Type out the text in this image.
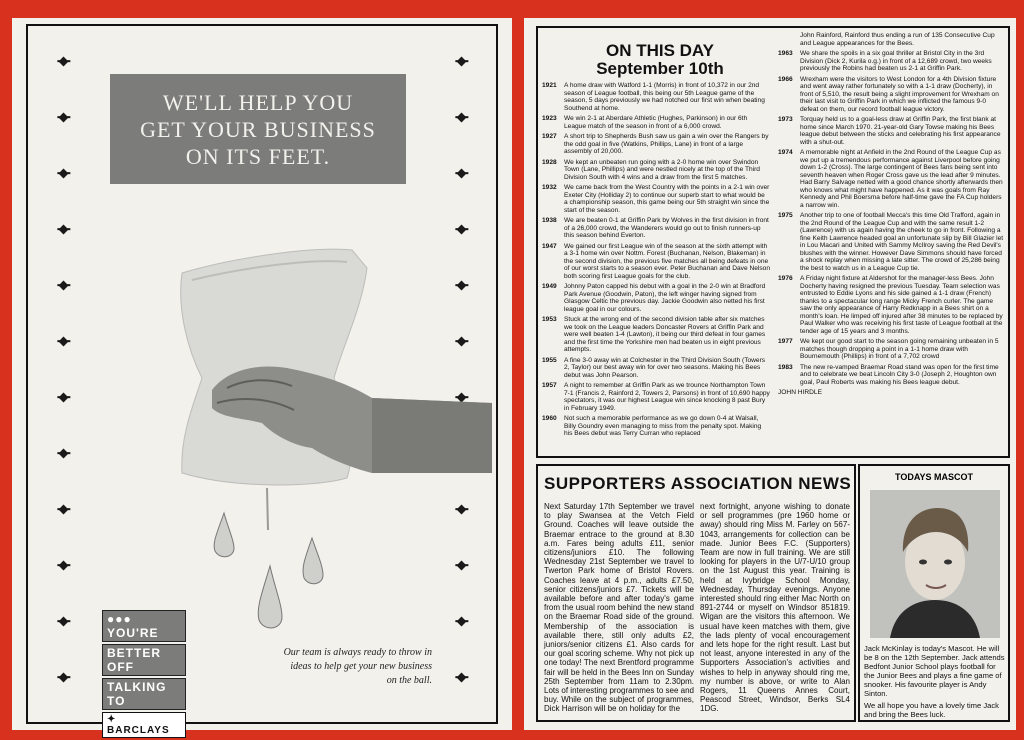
WE'LL HELP YOU
GET YOUR BUSINESS
ON ITS FEET.
●●● YOU'RE
BETTER OFF
TALKING TO
✦ BARCLAYS
Our team is always ready to throw in ideas to help get your new business on the ball.
ON THIS DAY
September 10th
1921	A home draw with Watford 1-1 (Morris) in front of 10,372 in our 2nd season of League football, this being our 5th League game of the season, 5 days previously we had notched our first win when beating Southend at home.
1923	We win 2-1 at Aberdare Athletic (Hughes, Parkinson) in our 6th League match of the season in front of a 6,000 crowd.
1927	A short trip to Shepherds Bush saw us gain a win over the Rangers by the odd goal in five (Watkins, Phillips, Lane) in front of a large assembly of 20,000.
1928	We kept an unbeaten run going with a 2-0 home win over Swindon Town (Lane, Phillips) and were nestled nicely at the top of the Third Division South with 4 wins and a draw from the first 5 matches.
1932	We came back from the West Country with the points in a 2-1 win over Exeter City (Holliday 2) to continue our superb start to what would be a championship season, this game being our 5th straight win since the start of the season.
1938	We are beaten 0-1 at Griffin Park by Wolves in the first division in front of a 26,000 crowd, the Wanderers would go out to finish runners-up this season behind Everton.
1947	We gained our first League win of the season at the sixth attempt with a 3-1 home win over Nottm. Forest (Buchanan, Nelson, Blakeman) in the second division, the previous five matches all being defeats in one of our worst starts to a season ever. Peter Buchanan and Dave Nelson both scoring first League goals for the club.
1949	Johnny Paton capped his debut with a goal in the 2-0 win at Bradford Park Avenue (Goodwin, Paton), the left winger having signed from Glasgow Celtic the previous day. Jackie Goodwin also netted his first league goal in our colours.
1953	Stuck at the wrong end of the second division table after six matches we took on the League leaders Doncaster Rovers at Griffin Park and were well beaten 1-4 (Lawton), it being our third defeat in four games and the first time the Yorkshire men had beaten us in eight previous attempts.
1955	A fine 3-0 away win at Colchester in the Third Division South (Towers 2, Taylor) our best away win for over two seasons. Making his Bees debut was John Pearson.
1957	A night to remember at Griffin Park as we trounce Northampton Town 7-1 (Francis 2, Rainford 2, Towers 2, Parsons) in front of 10,690 happy spectators, it was our highest League win since knocking 8 past Bury in February 1949.
1960	Not such a memorable performance as we go down 0-4 at Walsall, Billy Goundry even managing to miss from the penalty spot. Making his Bees debut was Terry Curran who replaced
John Rainford, Rainford thus ending a run of 135 Consecutive Cup and League appearances for the Bees.
1963	We share the spoils in a six goal thriller at Bristol City in the 3rd Division (Dick 2, Kurila o.g.) in front of a 12,689 crowd, two weeks previously the Robins had beaten us 2-1 at Griffin Park.
1966	Wrexham were the visitors to West London for a 4th Division fixture and went away rather fortunately so with a 1-1 draw (Docherty), in front of 5,510, the result being a slight improvement for Wrexham on their last visit to Griffin Park in which we inflicted the famous 9-0 defeat on them, our record football league victory.
1973	Torquay held us to a goal-less draw at Griffin Park, the first blank at home since March 1970. 21-year-old Gary Towse making his Bees league debut between the sticks and celebrating his first appearance with a shut-out.
1974	A memorable night at Anfield in the 2nd Round of the League Cup as we put up a tremendous performance against Liverpool before going down 1-2 (Cross). The large contingent of Bees fans being sent into seventh heaven when Roger Cross gave us the lead after 9 minutes. Had Barry Salvage netted with a good chance shortly afterwards then who knows what might have happened. As it was goals from Ray Kennedy and Phil Boersma before half-time gave the FA Cup holders a narrow win.
1975	Another trip to one of football Mecca's this time Old Trafford, again in the 2nd Round of the League Cup and with the same result 1-2 (Lawrence) with us again having the cheek to go in front. Following a fine Keith Lawrence headed goal an unfortunate slip by Bill Glazier let in Lou Macari and United with Sammy McIlroy saving the Red Devil's blushes with the winner. However Dave Simmons should have forced a shock replay when missing a late sitter. The crowd of 25,286 being the best to watch us in a League Cup tie.
1976	A Friday night fixture at Aldershot for the manager-less Bees. John Docherty having resigned the previous Tuesday. Team selection was entrusted to Eddie Lyons and his side gained a 1-1 draw (French) thanks to a spectacular long range Micky French curler. The game saw the only appearance of Harry Redknapp in a Bees shirt on a month's loan. He limped off injured after 38 minutes to be replaced by Paul Walker who was receiving his first taste of League football at the tender age of 15 years and 3 months.
1977	We kept our good start to the season going remaining unbeaten in 5 matches though dropping a point in a 1-1 home draw with Bournemouth (Phillips) in front of a 7,702 crowd
1983	The new re-vamped Braemar Road stand was open for the first time and to celebrate we beat Lincoln City 3-0 (Joseph 2, Houghton own goal, Paul Roberts was making his Bees league debut.
JOHN HIRDLE
SUPPORTERS ASSOCIATION NEWS
Next Saturday 17th September we travel to play Swansea at the Vetch Field Ground. Coaches will leave outside the Braemar entrace to the ground at 8.30 a.m. Fares being adults £11, senior citizens/juniors £10. The following Wednesday 21st September we travel to Twerton Park home of Bristol Rovers. Coaches leave at 4 p.m., adults £7.50, senior citizens/juniors £7. Tickets will be available before and after today's game from the usual room behind the new stand on the Braemar Road side of the ground. Membership of the association is available there, still only adults £2, juniors/senior citizens £1. Also cards for our goal scoring scheme. Why not pick up one today! The next Brentford programme fair will be held in the Bees Inn on Sunday 25th September from 11am to 2.30pm. Lots of interesting programmes to see and buy. While on the subject of programmes, Dick Harrison will be on holiday for the
next fortnight, anyone wishing to donate or sell programmes (pre 1960 home or away) should ring Miss M. Farley on 567-1043, arrangements for collection can be made. Junior Bees F.C. (Supporters) Team are now in full training. We are still looking for players in the U/7-U/10 group on the 1st August this year. Training is held at Ivybridge School Monday, Wednesday, Thursday evenings. Anyone interested should ring either Mac North on 891-2744 or myself on Windsor 851819. Wigan are the visitors this afternoon. We usual have keen matches with them, give the lads plenty of vocal encouragement and lets hope for the right result. Last but not least, anyone interested in any of the Supporters Association's activities and wishes to help in anyway should ring me, my number is above, or write to Alan Rogers, 11 Queens Annes Court, Peascod Street, Windsor, Berks SL4 1DG.
TODAYS MASCOT
Jack McKinlay is today's Mascot. He will be 8 on the 12th September. Jack attends Bedfont Junior School plays football for the Junior Bees and plays a fine game of snooker. His favourite player is Andy Sinton.
We all hope you have a lovely time Jack and bring the Bees luck.
